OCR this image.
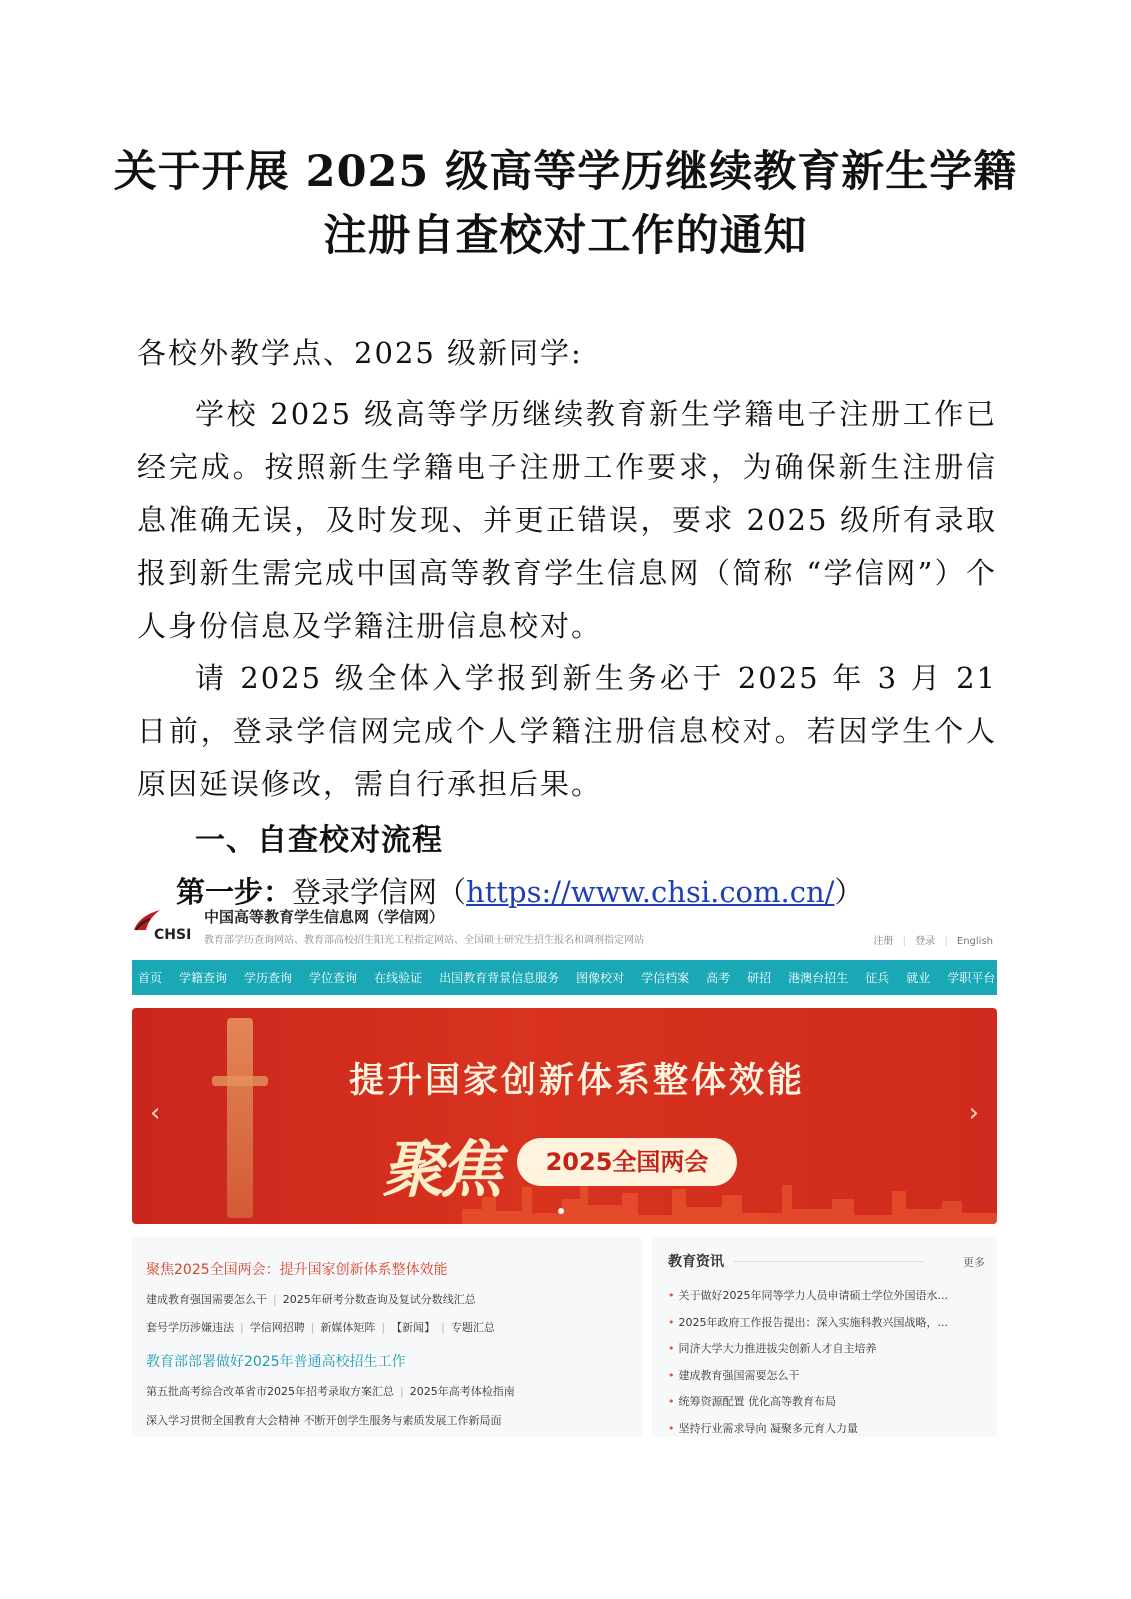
关于开展 2025 级高等学历继续教育新生学籍
注册自查校对工作的通知
各校外教学点、2025 级新同学:
学校 2025 级高等学历继续教育新生学籍电子注册工作已经完成。按照新生学籍电子注册工作要求，为确保新生注册信息准确无误，及时发现、并更正错误，要求 2025 级所有录取报到新生需完成中国高等教育学生信息网（简称 “学信网”）个人身份信息及学籍注册信息校对。
请 2025 级全体入学报到新生务必于 2025 年 3 月 21 日前，登录学信网完成个人学籍注册信息校对。若因学生个人原因延误修改，需自行承担后果。
一、自查校对流程
第一步：登录学信网（https://www.chsi.com.cn/）
CHSI
中国高等教育学生信息网（学信网）
教育部学历查询网站、教育部高校招生阳光工程指定网站、全国硕士研究生招生报名和调剂指定网站	注册 | 登录 | English
首页 学籍查询 学历查询 学位查询 在线验证 出国教育背景信息服务 图像校对 学信档案 高考 研招 港澳台招生 征兵 就业 学职平台
提升国家创新体系整体效能
聚焦	2025全国两会
‹	›
聚焦2025全国两会：提升国家创新体系整体效能
建成教育强国需要怎么干 | 2025年研考分数查询及复试分数线汇总
套号学历涉嫌违法 | 学信网招聘 | 新媒体矩阵 | 【新闻】 | 专题汇总
教育部部署做好2025年普通高校招生工作
第五批高考综合改革省市2025年招考录取方案汇总 | 2025年高考体检指南
深入学习贯彻全国教育大会精神 不断开创学生服务与素质发展工作新局面
教育资讯	更多
• 关于做好2025年同等学力人员申请硕士学位外国语水...
• 2025年政府工作报告提出：深入实施科教兴国战略，...
• 同济大学大力推进拔尖创新人才自主培养
• 建成教育强国需要怎么干
• 统筹资源配置 优化高等教育布局
• 坚持行业需求导向 凝聚多元育人力量
